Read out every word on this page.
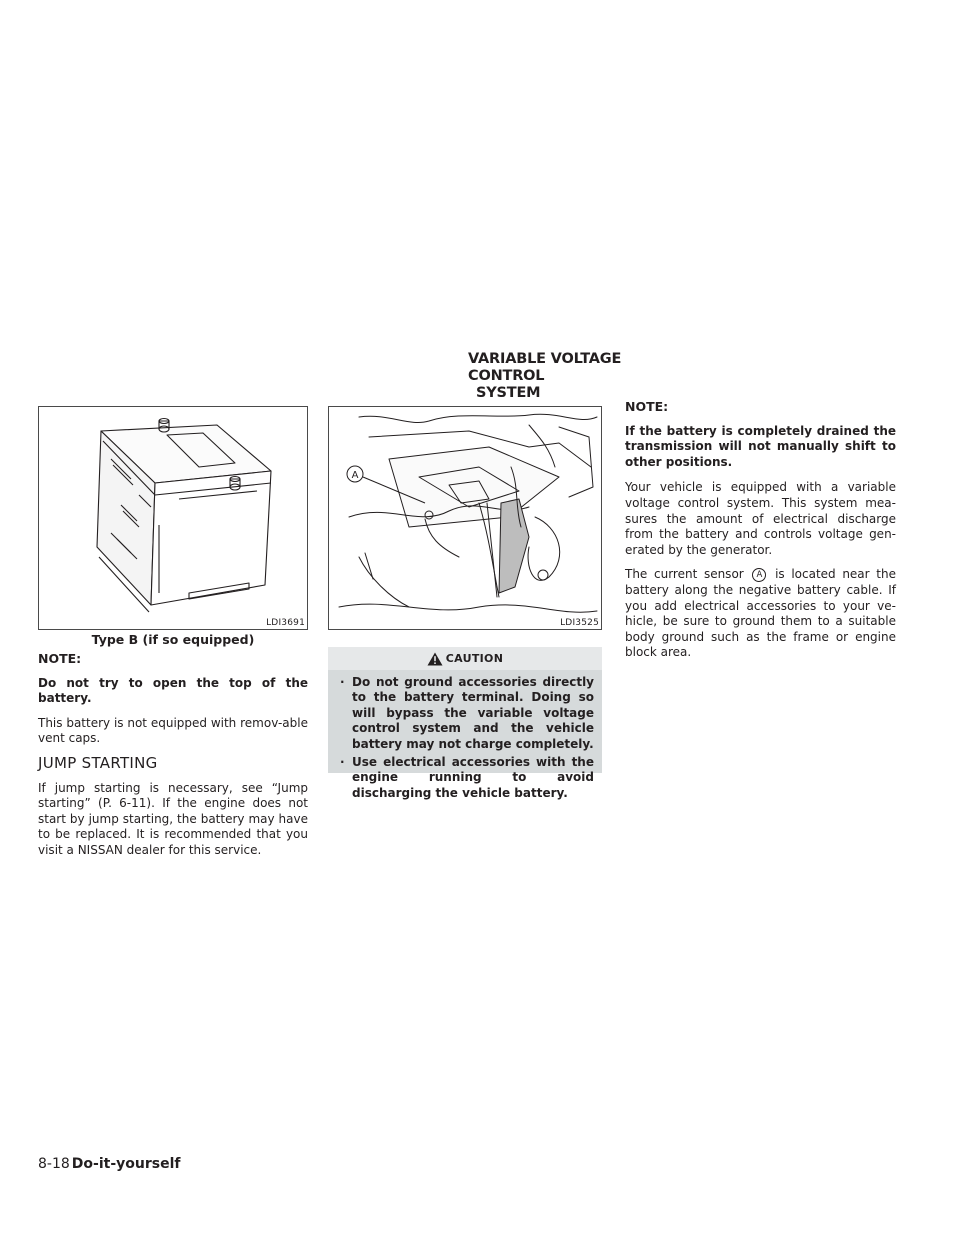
VARIABLE VOLTAGE CONTROL
SYSTEM
LDI3691
Type B (if so equipped)
A
LDI3525

NOTE:

Do not try to open the top of the battery.

This battery is not equipped with remov-able vent caps.

JUMP STARTING

If jump starting is necessary, see “Jump starting” (P. 6-11). If the engine does not start by jump starting, the battery may have to be replaced. It is recommended that you visit a NISSAN dealer for this service.

CAUTION
· Do not ground accessories directly to the battery terminal. Doing so will bypass the variable voltage control system and the vehicle battery may not charge completely.
· Use electrical accessories with the engine running to avoid discharging the vehicle battery.

NOTE:

If the battery is completely drained the transmission will not manually shift to other positions.

Your vehicle is equipped with a variable voltage control system. This system mea-sures the amount of electrical discharge from the battery and controls voltage gen-erated by the generator.

The current sensor A is located near the battery along the negative battery cable. If you add electrical accessories to your ve-hicle, be sure to ground them to a suitable body ground such as the frame or engine block area.

8-18 Do-it-yourself
